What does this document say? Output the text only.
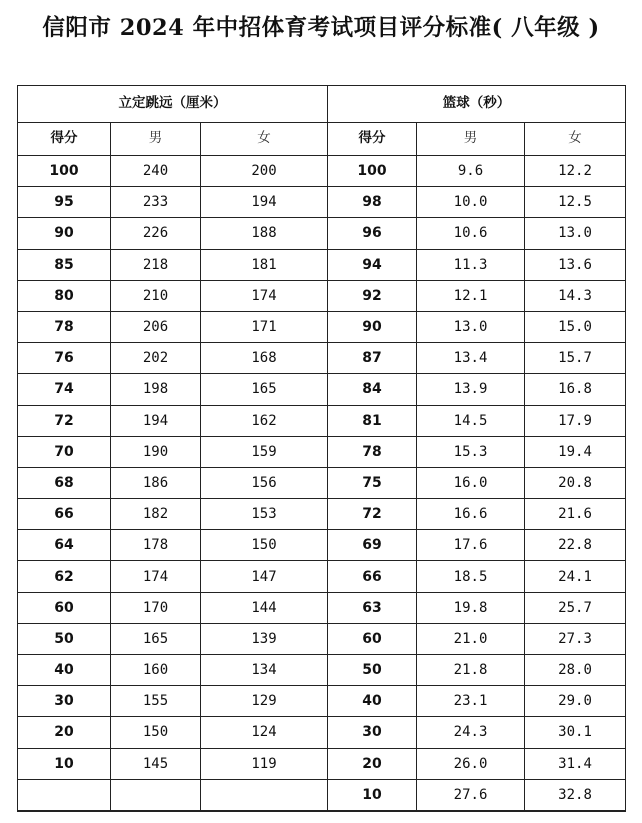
信阳市 2024 年中招体育考试项目评分标准( 八年级 )
立定跳远（厘米）			篮球（秒）		
得分	男	女	得分	男	女
100	240	200	100	9.6	12.2
95	233	194	98	10.0	12.5
90	226	188	96	10.6	13.0
85	218	181	94	11.3	13.6
80	210	174	92	12.1	14.3
78	206	171	90	13.0	15.0
76	202	168	87	13.4	15.7
74	198	165	84	13.9	16.8
72	194	162	81	14.5	17.9
70	190	159	78	15.3	19.4
68	186	156	75	16.0	20.8
66	182	153	72	16.6	21.6
64	178	150	69	17.6	22.8
62	174	147	66	18.5	24.1
60	170	144	63	19.8	25.7
50	165	139	60	21.0	27.3
40	160	134	50	21.8	28.0
30	155	129	40	23.1	29.0
20	150	124	30	24.3	30.1
10	145	119	20	26.0	31.4
			10	27.6	32.8
